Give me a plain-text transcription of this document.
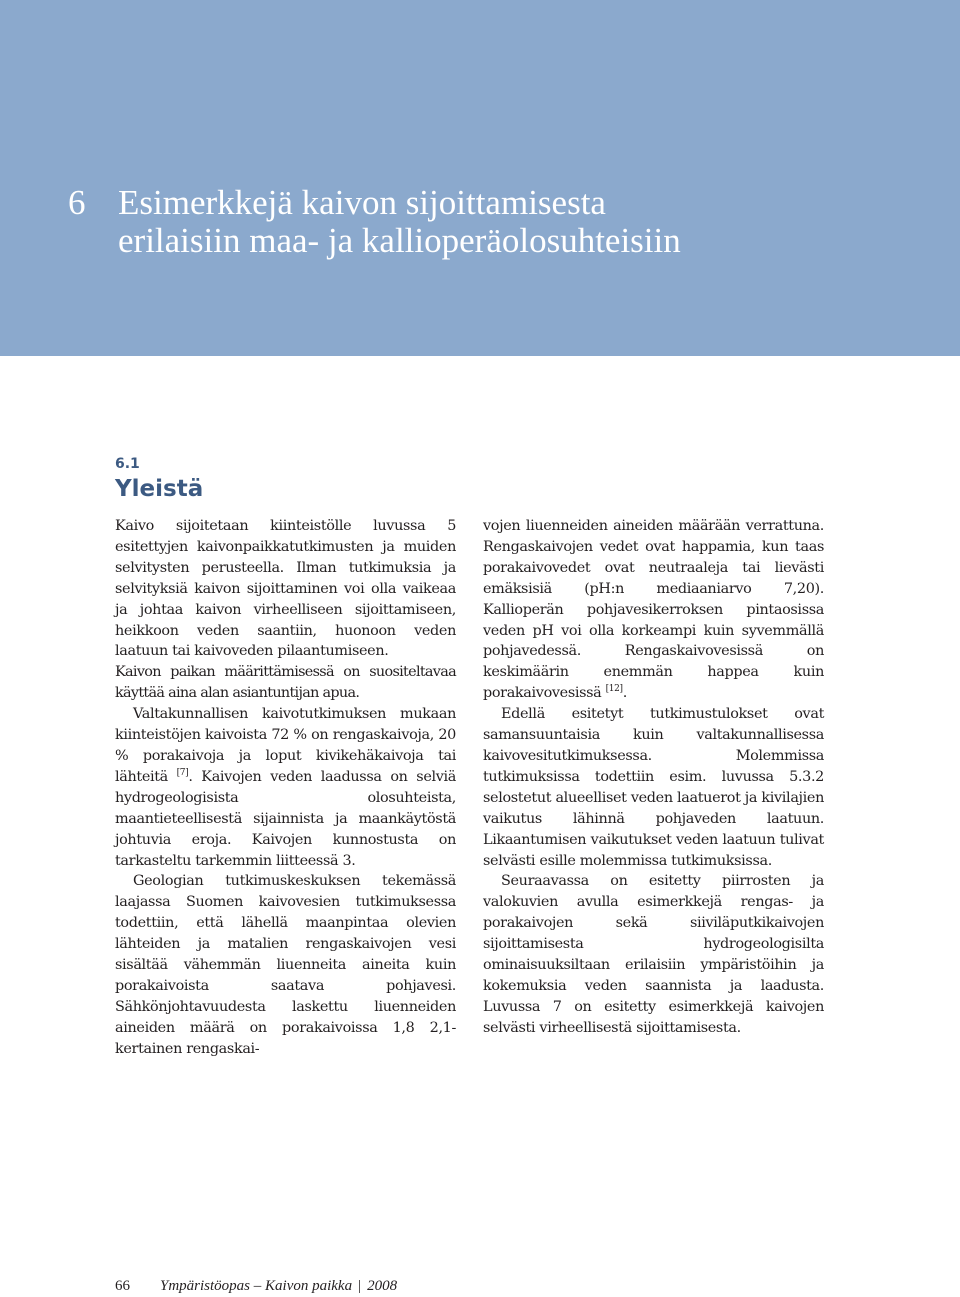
6 Esimerkkejä kaivon sijoittamisesta
erilaisiin maa- ja kallioperäolosuhteisiin
6.1
Yleistä

Kaivo sijoitetaan kiinteistölle luvussa 5 esitettyjen kaivonpaikkatutkimusten ja muiden selvitysten perusteella. Ilman tutkimuksia ja selvityksiä kaivon sijoittaminen voi olla vaikeaa ja johtaa kaivon virheelliseen sijoittamiseen, heikkoon veden saantiin, huonoon veden laatuun tai kaivoveden pilaantumiseen.

Kaivon paikan määrittämisessä on suositeltavaa käyttää aina alan asiantuntijan apua.

Valtakunnallisen kaivotutkimuksen mukaan kiinteistöjen kaivoista 72 % on rengaskaivoja, 20 % porakaivoja ja loput kivikehäkaivoja tai lähteitä [7]. Kaivojen veden laadussa on selviä hydrogeologisista olosuhteista, maantieteellisestä sijainnista ja maankäytöstä johtuvia eroja. Kaivojen kunnostusta on tarkasteltu tarkemmin liitteessä 3.

Geologian tutkimuskeskuksen tekemässä laajassa Suomen kaivovesien tutkimuksessa todettiin, että lähellä maanpintaa olevien lähteiden ja matalien rengaskaivojen vesi sisältää vähemmän liuenneita aineita kuin porakaivoista saatava pohjavesi. Sähkönjohtavuudesta laskettu liuenneiden aineiden määrä on porakaivoissa 1,8 2,1-kertainen rengaskai-

vojen liuenneiden aineiden määrään verrattuna. Rengaskaivojen vedet ovat happamia, kun taas porakaivovedet ovat neutraaleja tai lievästi emäksisiä (pH:n mediaaniarvo 7,20). Kallioperän pohjavesikerroksen pintaosissa veden pH voi olla korkeampi kuin syvemmällä pohjavedessä. Rengaskaivovesissä on keskimäärin enemmän happea kuin porakaivovesissä [12].

Edellä esitetyt tutkimustulokset ovat samansuuntaisia kuin valtakunnallisessa kaivovesitutkimuksessa. Molemmissa tutkimuksissa todettiin esim. luvussa 5.3.2 selostetut alueelliset veden laatuerot ja kivilajien vaikutus lähinnä pohjaveden laatuun. Likaantumisen vaikutukset veden laatuun tulivat selvästi esille molemmissa tutkimuksissa.

Seuraavassa on esitetty piirrosten ja valokuvien avulla esimerkkejä rengas- ja porakaivojen sekä siiviläputkikaivojen sijoittamisesta hydrogeologisilta ominaisuuksiltaan erilaisiin ympäristöihin ja kokemuksia veden saannista ja laadusta. Luvussa 7 on esitetty esimerkkejä kaivojen selvästi virheellisestä sijoittamisesta.

66 Ympäristöopas – Kaivon paikka | 2008
